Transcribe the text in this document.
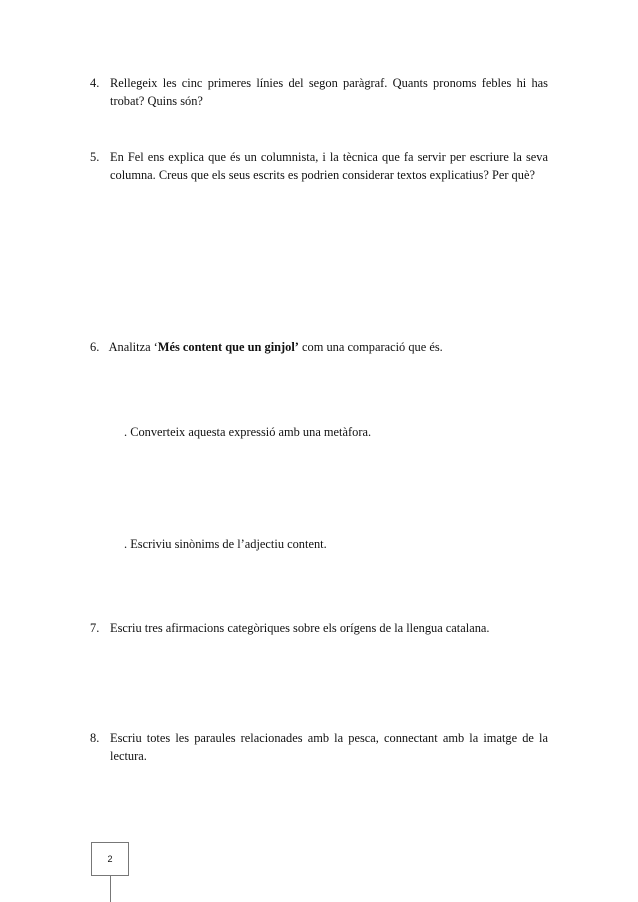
4. Rellegeix les cinc primeres línies del segon paràgraf. Quants pronoms febles hi has trobat? Quins són?
5. En Fel ens explica que és un columnista, i la tècnica que fa servir per escriure la seva columna. Creus que els seus escrits es podrien considerar textos explicatius? Per què?
6. Analitza ‘Més content que un ginjol’ com una comparació que és.
. Converteix aquesta expressió amb una metàfora.
. Escriviu sinònims de l’adjectiu content.
7. Escriu tres afirmacions categòriques sobre els orígens de la llengua catalana.
8. Escriu totes les paraules relacionades amb la pesca, connectant amb la imatge de la lectura.
2
